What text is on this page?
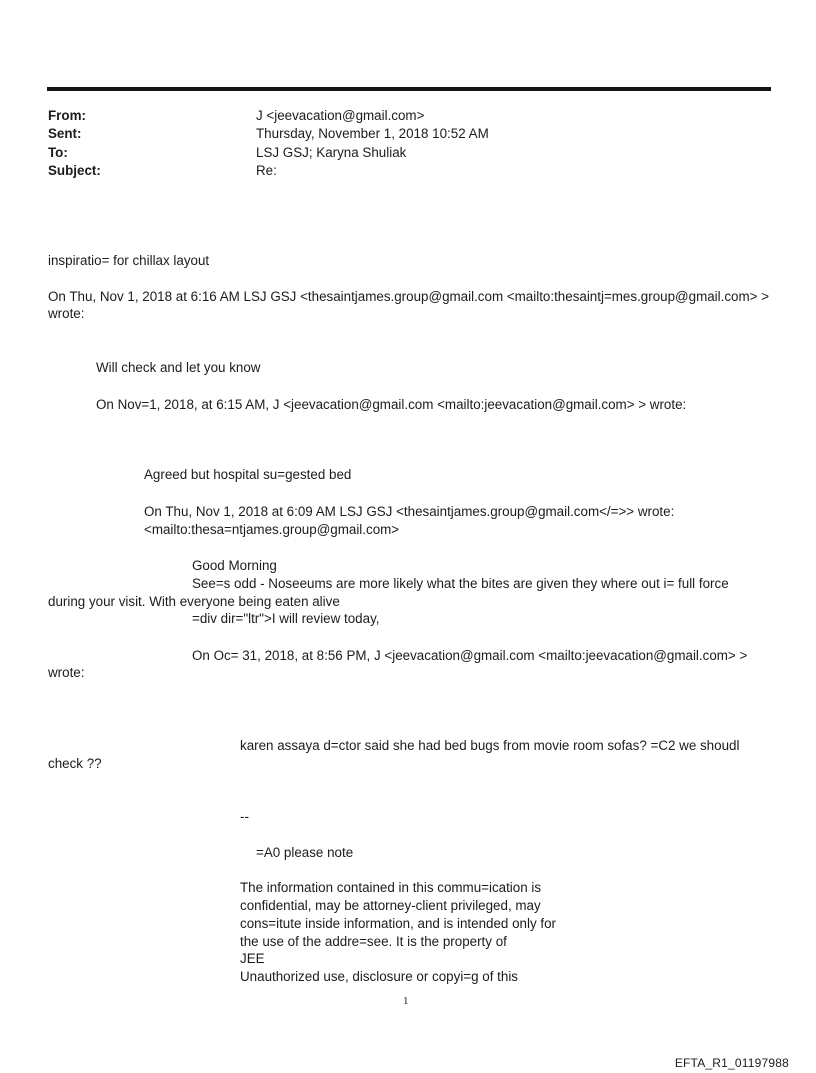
From:	J <jeevacation@gmail.com>
Sent:	Thursday, November 1, 2018 10:52 AM
To:	LSJ GSJ; Karyna Shuliak
Subject:	Re:
inspiratio= for chillax layout
On Thu, Nov 1, 2018 at 6:16 AM LSJ GSJ <thesaintjames.group@gmail.com <mailto:thesaintj=mes.group@gmail.com> >
wrote:
Will check and let you know
On Nov=1, 2018, at 6:15 AM, J <jeevacation@gmail.com <mailto:jeevacation@gmail.com> > wrote:
Agreed but hospital su=gested bed
On Thu, Nov 1, 2018 at 6:09 AM LSJ GSJ <thesaintjames.group@gmail.com</=>> wrote:
<mailto:thesa=ntjames.group@gmail.com>
Good Morning
See=s odd - Noseeums are more likely what the bites are given they where out i= full force
during your visit. With everyone being eaten alive
=div dir="ltr">I will review today,
On Oc= 31, 2018, at 8:56 PM, J <jeevacation@gmail.com <mailto:jeevacation@gmail.com> >
wrote:
karen assaya d=ctor said she had bed bugs from movie room sofas? =C2 we shoudl
check ??
--
=A0 please note
The information contained in this commu=ication is
confidential, may be attorney-client privileged, may
cons=itute inside information, and is intended only for
the use of the addre=see. It is the property of
JEE
Unauthorized use, disclosure or copyi=g of this
1
EFTA_R1_01197988
